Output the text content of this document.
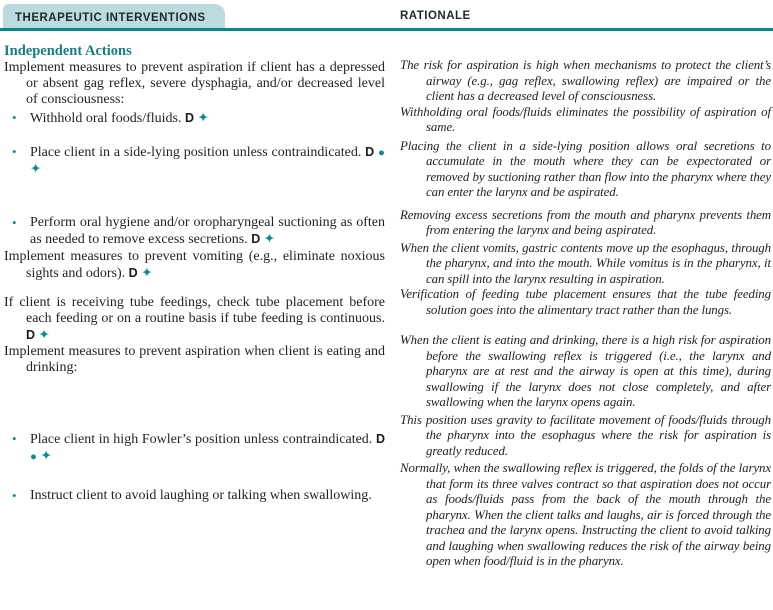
THERAPEUTIC INTERVENTIONS	RATIONALE
Independent Actions
Implement measures to prevent aspiration if client has a depressed or absent gag reflex, severe dysphagia, and/or decreased level of consciousness:
• Withhold oral foods/fluids. D ✦
• Place client in a side-lying position unless contraindicated. D ● ✦
• Perform oral hygiene and/or oropharyngeal suctioning as often as needed to remove excess secretions. D ✦
Implement measures to prevent vomiting (e.g., eliminate noxious sights and odors). D ✦
If client is receiving tube feedings, check tube placement before each feeding or on a routine basis if tube feeding is continuous. D ✦
Implement measures to prevent aspiration when client is eating and drinking:
• Place client in high Fowler’s position unless contraindicated. D ● ✦
• Instruct client to avoid laughing or talking when swallowing.
The risk for aspiration is high when mechanisms to protect the client’s airway (e.g., gag reflex, swallowing reflex) are impaired or the client has a decreased level of consciousness.
Withholding oral foods/fluids eliminates the possibility of aspiration of same.
Placing the client in a side-lying position allows oral secretions to accumulate in the mouth where they can be expectorated or removed by suctioning rather than flow into the pharynx where they can enter the larynx and be aspirated.
Removing excess secretions from the mouth and pharynx prevents them from entering the larynx and being aspirated.
When the client vomits, gastric contents move up the esophagus, through the pharynx, and into the mouth. While vomitus is in the pharynx, it can spill into the larynx resulting in aspiration.
Verification of feeding tube placement ensures that the tube feeding solution goes into the alimentary tract rather than the lungs.
When the client is eating and drinking, there is a high risk for aspiration before the swallowing reflex is triggered (i.e., the larynx and pharynx are at rest and the airway is open at this time), during swallowing if the larynx does not close completely, and after swallowing when the larynx opens again.
This position uses gravity to facilitate movement of foods/fluids through the pharynx into the esophagus where the risk for aspiration is greatly reduced.
Normally, when the swallowing reflex is triggered, the folds of the larynx that form its three valves contract so that aspiration does not occur as foods/fluids pass from the back of the mouth through the pharynx. When the client talks and laughs, air is forced through the trachea and the larynx opens. Instructing the client to avoid talking and laughing when swallowing reduces the risk of the airway being open when food/fluid is in the pharynx.
